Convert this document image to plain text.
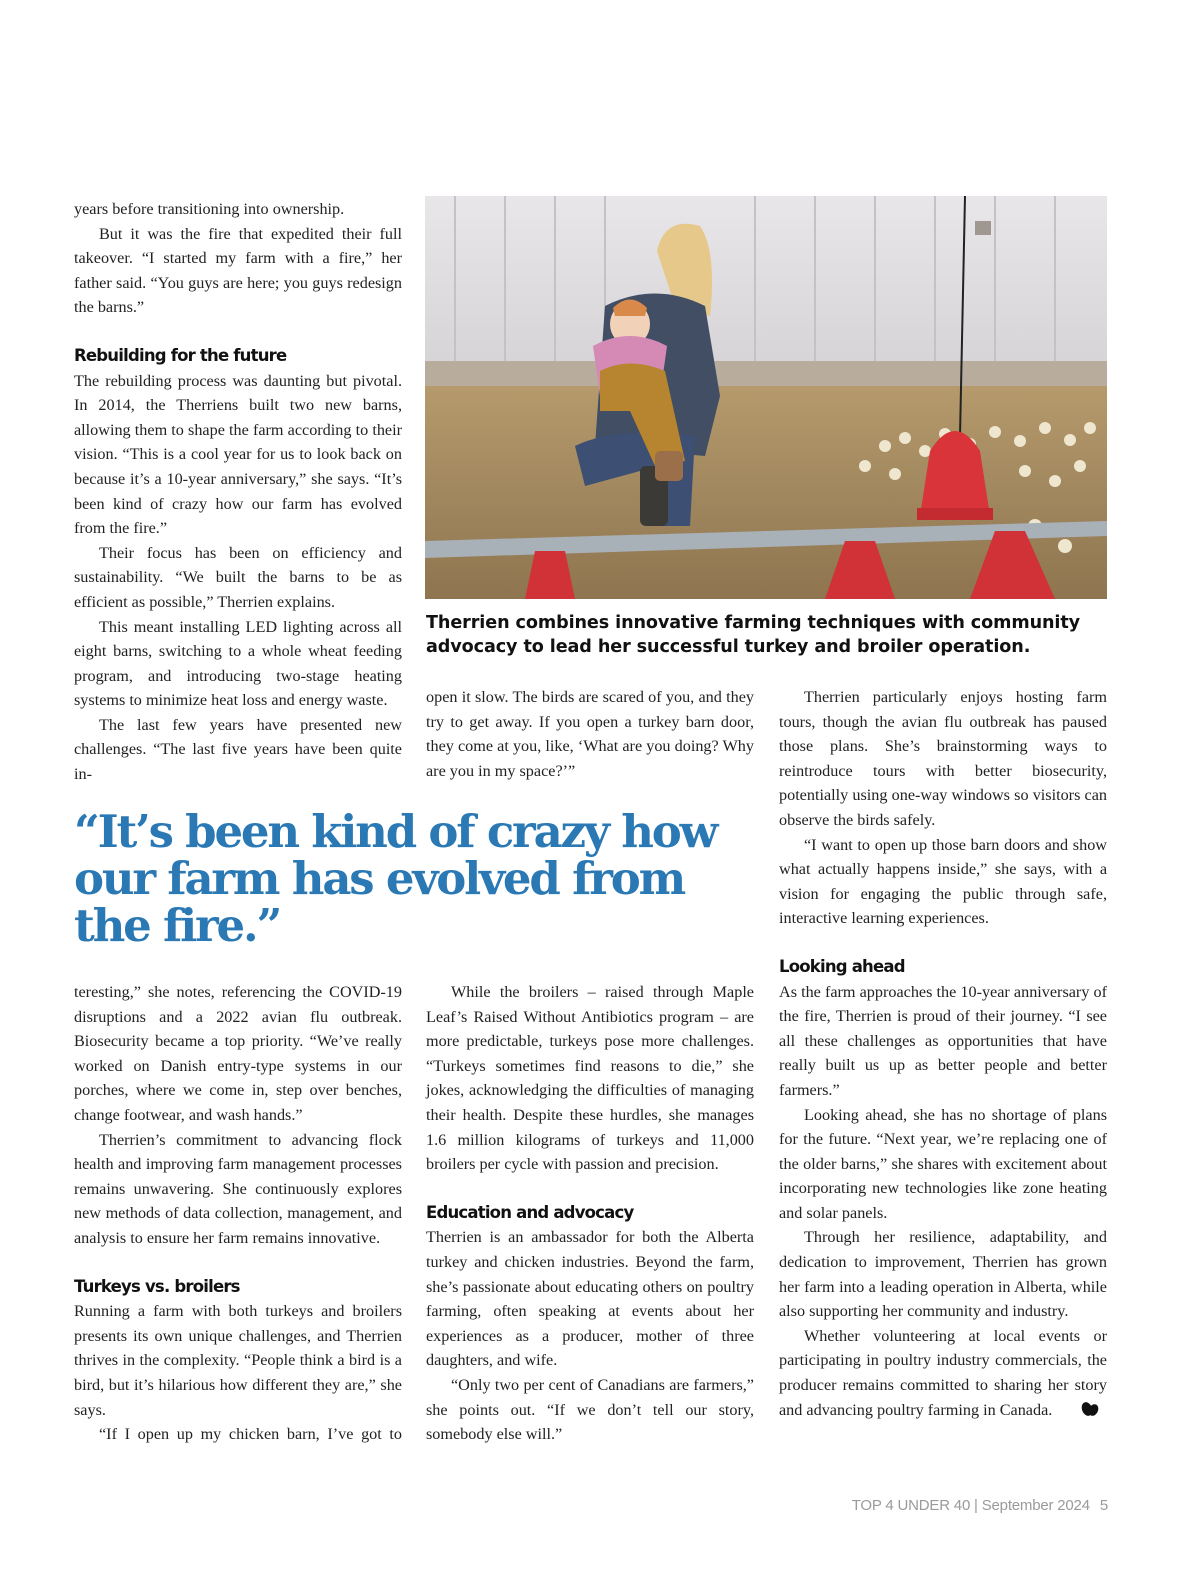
years before transitioning into ownership.

But it was the fire that expedited their full takeover. “I started my farm with a fire,” her father said. “You guys are here; you guys redesign the barns.”

Rebuilding for the future

The rebuilding process was daunting but pivotal. In 2014, the Therriens built two new barns, allowing them to shape the farm according to their vision. “This is a cool year for us to look back on because it’s a 10-year anniversary,” she says. “It’s been kind of crazy how our farm has evolved from the fire.”

Their focus has been on efficiency and sustainability. “We built the barns to be as efficient as possible,” Therrien explains.

This meant installing LED lighting across all eight barns, switching to a whole wheat feeding program, and introducing two-stage heating systems to minimize heat loss and energy waste.

The last few years have presented new challenges. “The last five years have been quite in-

Therrien combines innovative farming techniques with community advocacy to lead her successful turkey and broiler operation.

open it slow. The birds are scared of you, and they try to get away. If you open a turkey barn door, they come at you, like, ‘What are you doing? Why are you in my space?’”

“It’s been kind of crazy how our farm has evolved from the fire.”

teresting,” she notes, referencing the COVID-19 disruptions and a 2022 avian flu outbreak. Biosecurity became a top priority. “We’ve really worked on Danish entry-type systems in our porches, where we come in, step over benches, change footwear, and wash hands.”

Therrien’s commitment to advancing flock health and improving farm management processes remains unwavering. She continuously explores new methods of data collection, management, and analysis to ensure her farm remains innovative.

Turkeys vs. broilers

Running a farm with both turkeys and broilers presents its own unique challenges, and Therrien thrives in the complexity. “People think a bird is a bird, but it’s hilarious how different they are,” she says.

“If I open up my chicken barn, I’ve got to

While the broilers – raised through Maple Leaf’s Raised Without Antibiotics program – are more predictable, turkeys pose more challenges. “Turkeys sometimes find reasons to die,” she jokes, acknowledging the difficulties of managing their health. Despite these hurdles, she manages 1.6 million kilograms of turkeys and 11,000 broilers per cycle with passion and precision.

Education and advocacy

Therrien is an ambassador for both the Alberta turkey and chicken industries. Beyond the farm, she’s passionate about educating others on poultry farming, often speaking at events about her experiences as a producer, mother of three daughters, and wife.

“Only two per cent of Canadians are farmers,” she points out. “If we don’t tell our story, somebody else will.”

Therrien particularly enjoys hosting farm tours, though the avian flu outbreak has paused those plans. She’s brainstorming ways to reintroduce tours with better biosecurity, potentially using one-way windows so visitors can observe the birds safely.

“I want to open up those barn doors and show what actually happens inside,” she says, with a vision for engaging the public through safe, interactive learning experiences.

Looking ahead

As the farm approaches the 10-year anniversary of the fire, Therrien is proud of their journey. “I see all these challenges as opportunities that have really built us up as better people and better farmers.”

Looking ahead, she has no shortage of plans for the future. “Next year, we’re replacing one of the older barns,” she shares with excitement about incorporating new technologies like zone heating and solar panels.

Through her resilience, adaptability, and dedication to improvement, Therrien has grown her farm into a leading operation in Alberta, while also supporting her community and industry.

Whether volunteering at local events or participating in poultry industry commercials, the producer remains committed to sharing her story and advancing poultry farming in Canada.

TOP 4 UNDER 40 | September 2024 5
